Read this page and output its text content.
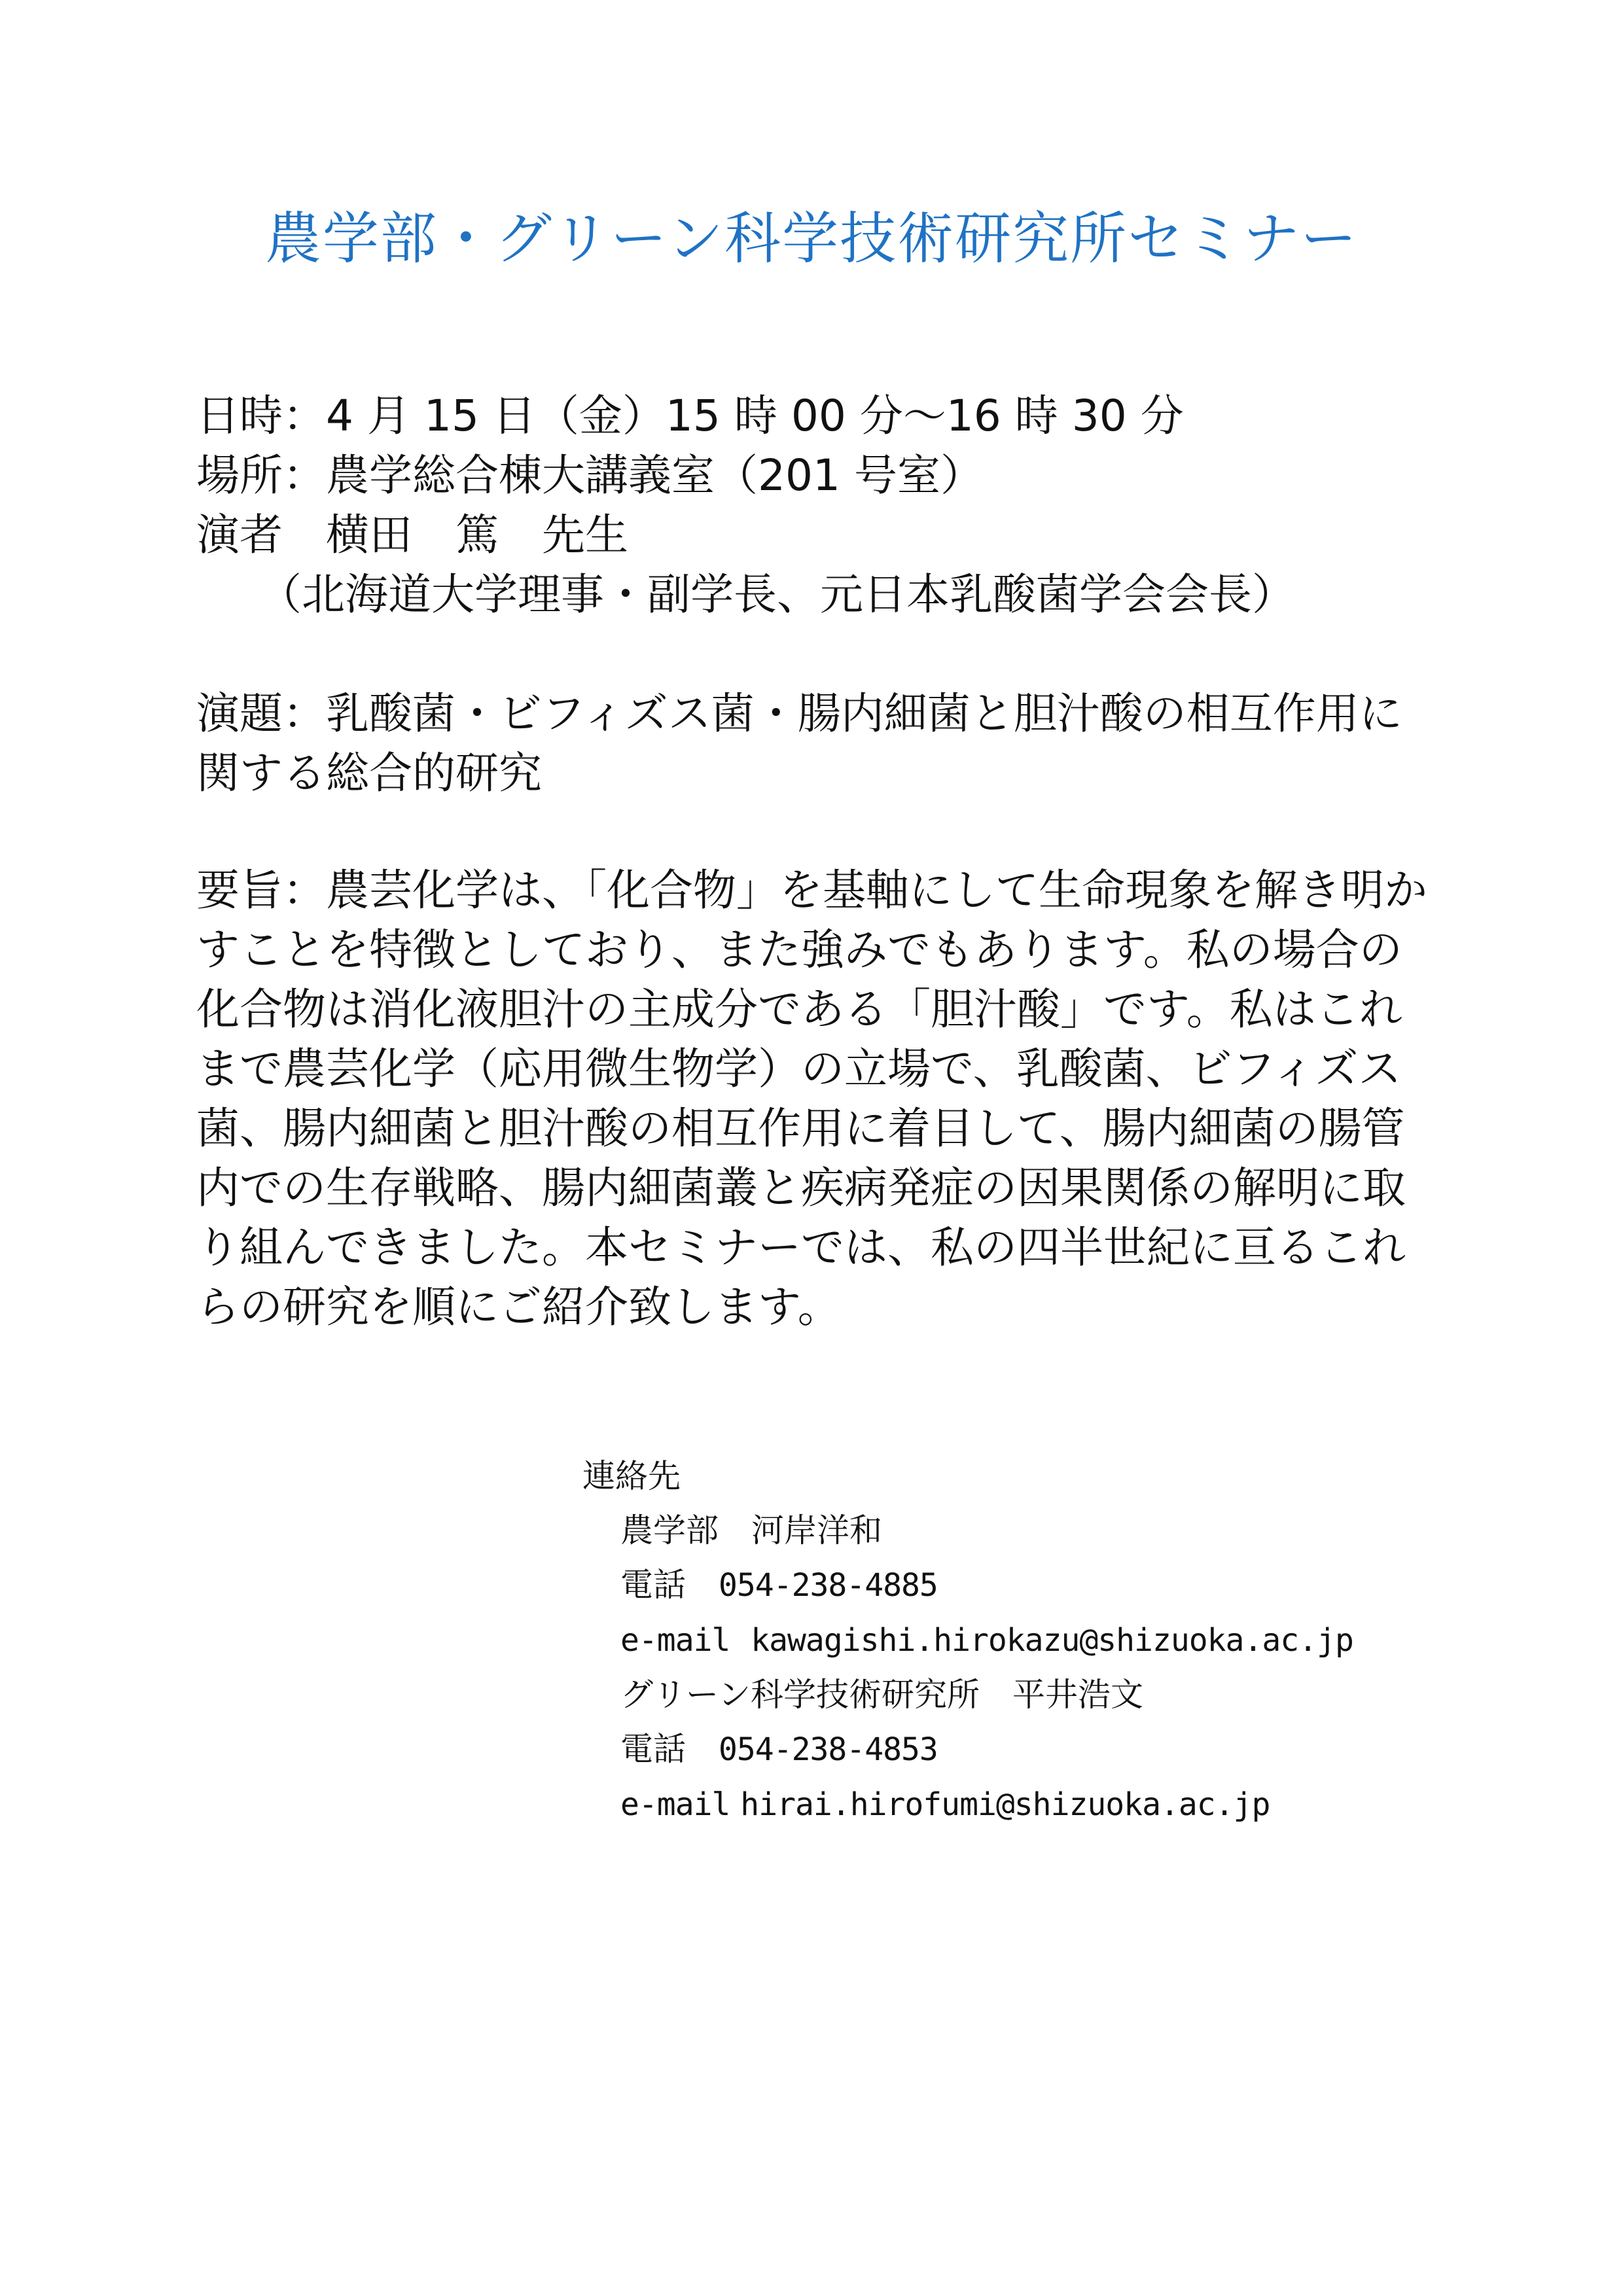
農学部・グリーン科学技術研究所セミナー
日時：4 月 15 日（金）15 時 00 分～16 時 30 分
場所：農学総合棟大講義室（201 号室）
演者　横田　篤　先生
（北海道大学理事・副学長、元日本乳酸菌学会会長）

演題：乳酸菌・ビフィズス菌・腸内細菌と胆汁酸の相互作用に関する総合的研究

要旨：農芸化学は、「化合物」を基軸にして生命現象を解き明かすことを特徴としており、また強みでもあります。私の場合の化合物は消化液胆汁の主成分である「胆汁酸」です。私はこれまで農芸化学（応用微生物学）の立場で、乳酸菌、ビフィズス菌、腸内細菌と胆汁酸の相互作用に着目して、腸内細菌の腸管内での生存戦略、腸内細菌叢と疾病発症の因果関係の解明に取り組んできました。本セミナーでは、私の四半世紀に亘るこれらの研究を順にご紹介致します。

連絡先
農学部　河岸洋和
電話　 054-238-4885
e-mail kawagishi.hirokazu@shizuoka.ac.jp
グリーン科学技術研究所　平井浩文
電話　 054-238-4853
e-mail hirai.hirofumi@shizuoka.ac.jp
